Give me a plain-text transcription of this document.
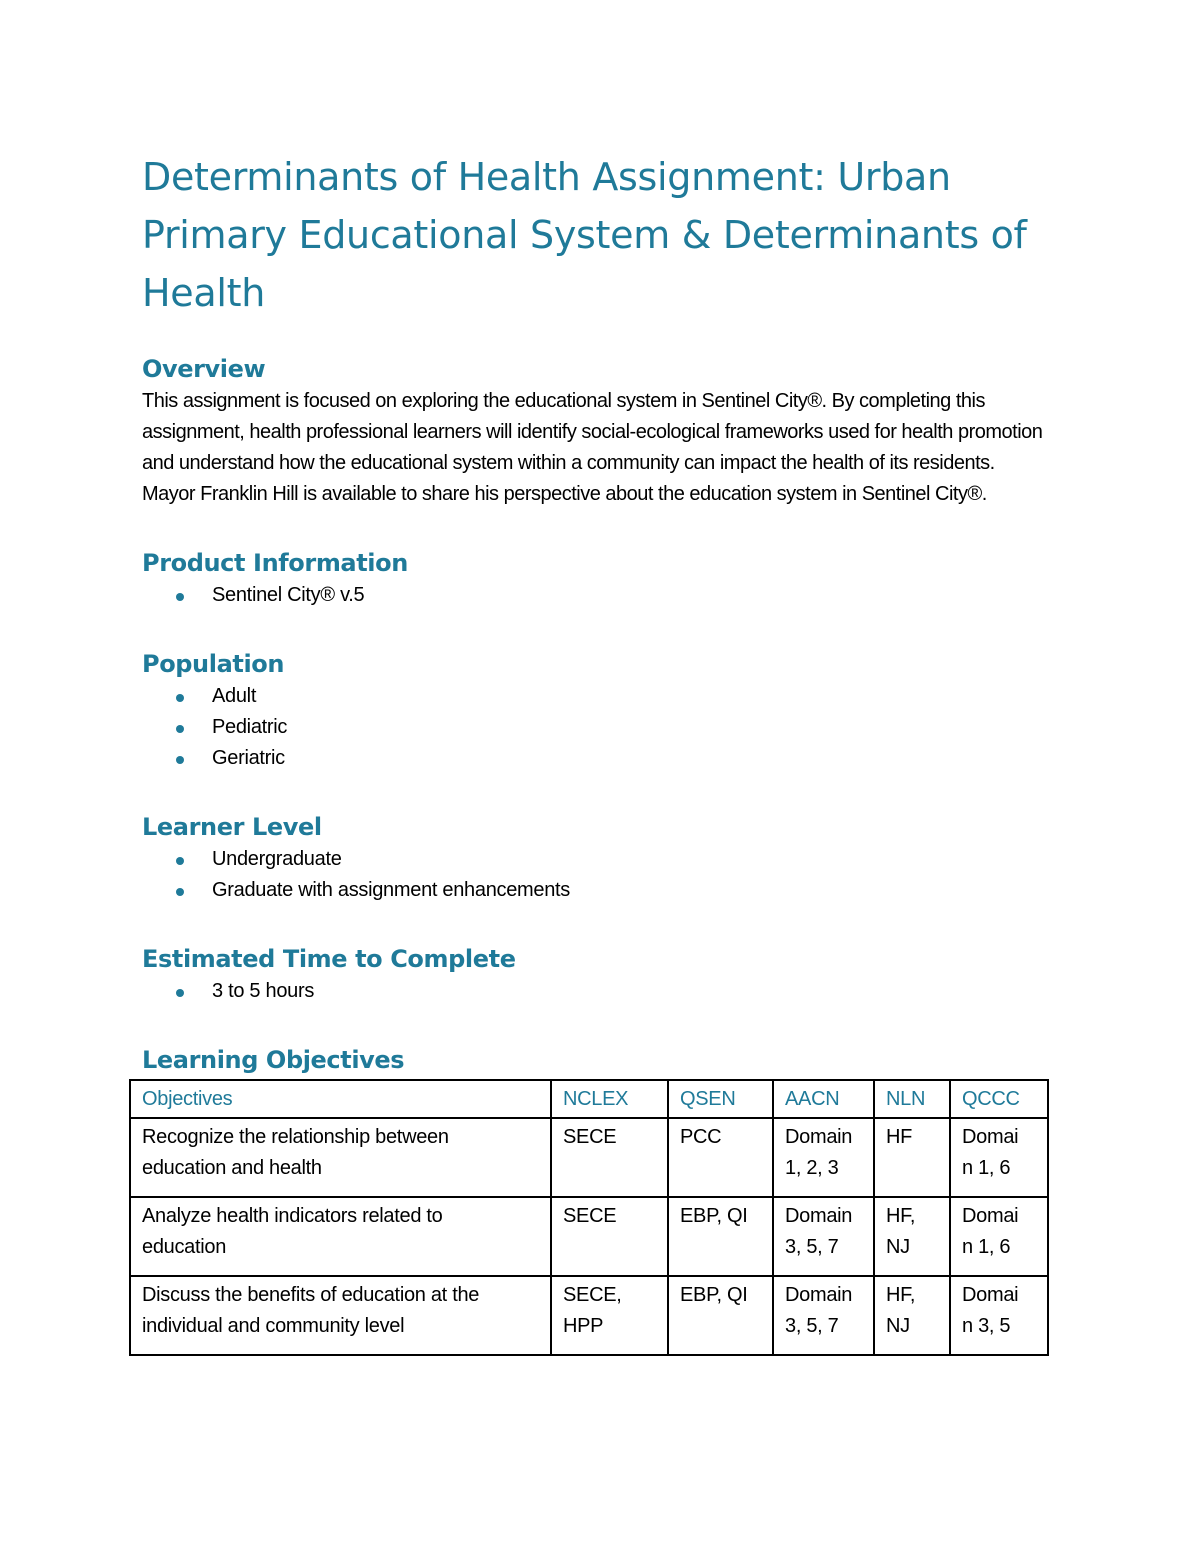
Determinants of Health Assignment: Urban
Primary Educational System & Determinants of
Health
Overview

This assignment is focused on exploring the educational system in Sentinel City®. By completing this assignment, health professional learners will identify social-ecological frameworks used for health promotion and understand how the educational system within a community can impact the health of its residents. Mayor Franklin Hill is available to share his perspective about the education system in Sentinel City®.

Product Information
Sentinel City® v.5
Population
Adult
Pediatric
Geriatric
Learner Level
Undergraduate
Graduate with assignment enhancements
Estimated Time to Complete
3 to 5 hours
Learning Objectives
Objectives	NCLEX	QSEN	AACN	NLN	QCCC

Recognize the relationship between
education and health	SECE	PCC	Domain
1, 2, 3	HF	Domai
n 1, 6

Analyze health indicators related to
education	SECE	EBP, QI	Domain
3, 5, 7	HF,
NJ	Domai
n 1, 6

Discuss the benefits of education at the
individual and community level	SECE,
HPP	EBP, QI	Domain
3, 5, 7	HF,
NJ	Domai
n 3, 5
